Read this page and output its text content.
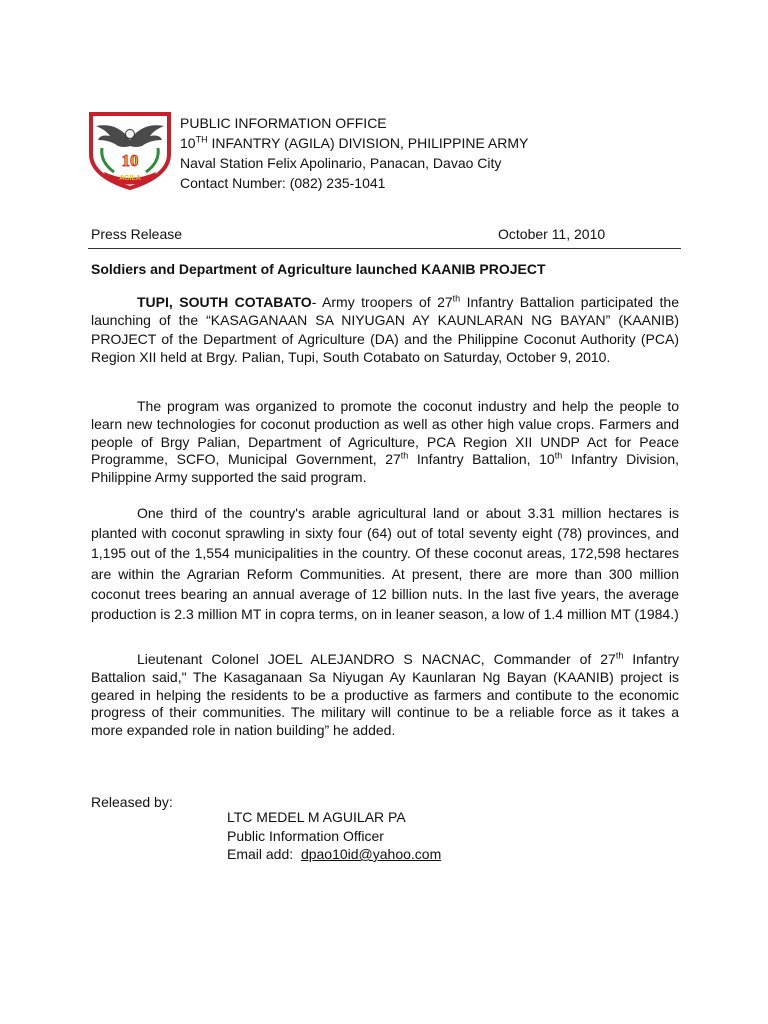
10
AGILA
PUBLIC INFORMATION OFFICE
10TH INFANTRY (AGILA) DIVISION, PHILIPPINE ARMY
Naval Station Felix Apolinario, Panacan, Davao City
Contact Number: (082) 235-1041
Press Release	October 11, 2010
Soldiers and Department of Agriculture launched KAANIB PROJECT

TUPI, SOUTH COTABATO- Army troopers of 27th Infantry Battalion participated the launching of the “KASAGANAAN SA NIYUGAN AY KAUNLARAN NG BAYAN” (KAANIB) PROJECT of the Department of Agriculture (DA) and the Philippine Coconut Authority (PCA) Region XII held at Brgy. Palian, Tupi, South Cotabato on Saturday, October 9, 2010.

The program was organized to promote the coconut industry and help the people to learn new technologies for coconut production as well as other high value crops. Farmers and people of Brgy Palian, Department of Agriculture, PCA Region XII UNDP Act for Peace Programme, SCFO, Municipal Government, 27th Infantry Battalion, 10th Infantry Division, Philippine Army supported the said program.

One third of the country's arable agricultural land or about 3.31 million hectares is planted with coconut sprawling in sixty four (64) out of total seventy eight (78) provinces, and 1,195 out of the 1,554 municipalities in the country. Of these coconut areas, 172,598 hectares are within the Agrarian Reform Communities. At present, there are more than 300 million coconut trees bearing an annual average of 12 billion nuts. In the last five years, the average production is 2.3 million MT in copra terms, on in leaner season, a low of 1.4 million MT (1984.)

Lieutenant Colonel JOEL ALEJANDRO S NACNAC, Commander of 27th Infantry Battalion said," The Kasaganaan Sa Niyugan Ay Kaunlaran Ng Bayan (KAANIB) project is geared in helping the residents to be a productive as farmers and contibute to the economic progress of their communities. The military will continue to be a reliable force as it takes a more expanded role in nation building” he added.

Released by:
LTC MEDEL M AGUILAR PA
Public Information Officer
Email add:  dpao10id@yahoo.com
